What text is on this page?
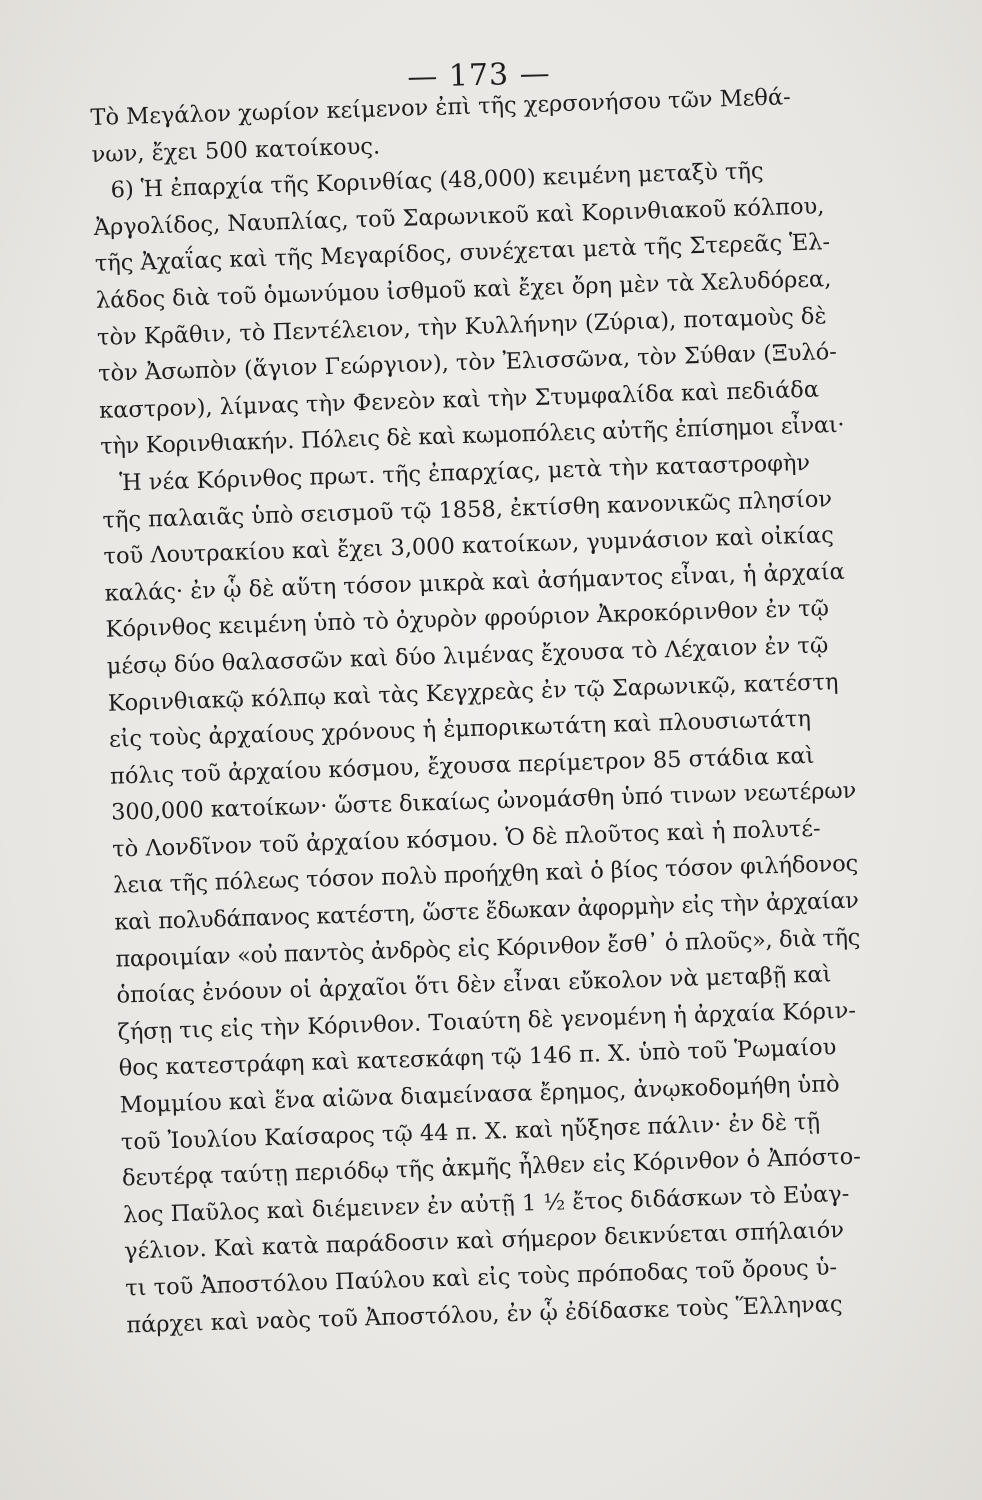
— 173 —
Τὸ Μεγάλον χωρίον κείμενον ἐπὶ τῆς χερσονήσου τῶν Μεθά-
νων, ἔχει 500 κατοίκους.
6) Ἡ ἐπαρχία τῆς Κορινθίας (48,000) κειμένη μεταξὺ τῆς
Ἀργολίδος, Ναυπλίας, τοῦ Σαρωνικοῦ καὶ Κορινθιακοῦ κόλπου,
τῆς Ἀχαΐας καὶ τῆς Μεγαρίδος, συνέχεται μετὰ τῆς Στερεᾶς Ἑλ-
λάδος διὰ τοῦ ὁμωνύμου ἰσθμοῦ καὶ ἔχει ὄρη μὲν τὰ Χελυδόρεα,
τὸν Κρᾶθιν, τὸ Πεντέλειον, τὴν Κυλλήνην (Ζύρια), ποταμοὺς δὲ
τὸν Ἀσωπὸν (ἅγιον Γεώργιον), τὸν Ἐλισσῶνα, τὸν Σύθαν (Ξυλό-
καστρον), λίμνας τὴν Φενεὸν καὶ τὴν Στυμφαλίδα καὶ πεδιάδα
τὴν Κορινθιακήν. Πόλεις δὲ καὶ κωμοπόλεις αὐτῆς ἐπίσημοι εἶναι·
Ἡ νέα Κόρινθος πρωτ. τῆς ἐπαρχίας, μετὰ τὴν καταστροφὴν
τῆς παλαιᾶς ὑπὸ σεισμοῦ τῷ 1858, ἐκτίσθη κανονικῶς πλησίον
τοῦ Λουτρακίου καὶ ἔχει 3,000 κατοίκων, γυμνάσιον καὶ οἰκίας
καλάς· ἐν ᾧ δὲ αὕτη τόσον μικρὰ καὶ ἀσήμαντος εἶναι, ἡ ἀρχαία
Κόρινθος κειμένη ὑπὸ τὸ ὀχυρὸν φρούριον Ἀκροκόρινθον ἐν τῷ
μέσῳ δύο θαλασσῶν καὶ δύο λιμένας ἔχουσα τὸ Λέχαιον ἐν τῷ
Κορινθιακῷ κόλπῳ καὶ τὰς Κεγχρεὰς ἐν τῷ Σαρωνικῷ, κατέστη
εἰς τοὺς ἀρχαίους χρόνους ἡ ἐμπορικωτάτη καὶ πλουσιωτάτη
πόλις τοῦ ἀρχαίου κόσμου, ἔχουσα περίμετρον 85 στάδια καὶ
300,000 κατοίκων· ὥστε δικαίως ὠνομάσθη ὑπό τινων νεωτέρων
τὸ Λονδῖνον τοῦ ἀρχαίου κόσμου. Ὁ δὲ πλοῦτος καὶ ἡ πολυτέ-
λεια τῆς πόλεως τόσον πολὺ προήχθη καὶ ὁ βίος τόσον φιλήδονος
καὶ πολυδάπανος κατέστη, ὥστε ἔδωκαν ἀφορμὴν εἰς τὴν ἀρχαίαν
παροιμίαν «οὐ παντὸς ἀνδρὸς εἰς Κόρινθον ἔσθ᾽ ὁ πλοῦς», διὰ τῆς
ὁποίας ἐνόουν οἱ ἀρχαῖοι ὅτι δὲν εἶναι εὔκολον νὰ μεταβῇ καὶ
ζήσῃ τις εἰς τὴν Κόρινθον. Τοιαύτη δὲ γενομένη ἡ ἀρχαία Κόριν-
θος κατεστράφη καὶ κατεσκάφη τῷ 146 π. Χ. ὑπὸ τοῦ Ῥωμαίου
Μομμίου καὶ ἕνα αἰῶνα διαμείνασα ἔρημος, ἀνῳκοδομήθη ὑπὸ
τοῦ Ἰουλίου Καίσαρος τῷ 44 π. Χ. καὶ ηὔξησε πάλιν· ἐν δὲ τῇ
δευτέρᾳ ταύτῃ περιόδῳ τῆς ἀκμῆς ἦλθεν εἰς Κόρινθον ὁ Ἀπόστο-
λος Παῦλος καὶ διέμεινεν ἐν αὐτῇ 1 ½ ἔτος διδάσκων τὸ Εὐαγ-
γέλιον. Καὶ κατὰ παράδοσιν καὶ σήμερον δεικνύεται σπήλαιόν
τι τοῦ Ἀποστόλου Παύλου καὶ εἰς τοὺς πρόποδας τοῦ ὄρους ὑ-
πάρχει καὶ ναὸς τοῦ Ἀποστόλου, ἐν ᾧ ἐδίδασκε τοὺς Ἕλληνας
